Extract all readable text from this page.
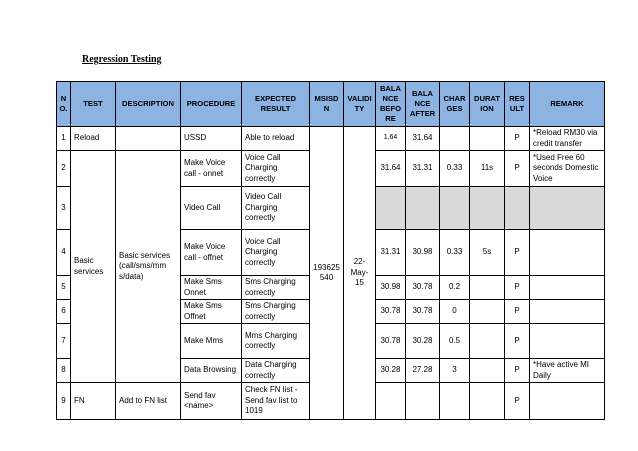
Regression Testing
N O.	TEST	DESCRIPTION	PROCEDURE	EXPECTED RESULT	MSISD N	VALIDI TY	BALA NCE BEFO RE	BALA NCE AFTER	CHAR GES	DURAT ION	RES ULT	REMARK
1	Reload		USSD	Able to reload	193625 540	22- May- 15	1.64	31.64			P	*Reload RM30 via credit transfer
2	Basic services	Basic services (call/sms/mm s/data)	Make Voice call - onnet	Voice Call Charging correctly			31.64	31.31	0.33	11s	P	*Used Free 60 seconds Domestic Voice
3			Video Call	Video Call Charging correctly								
4			Make Voice call - offnet	Voice Call Charging correctly			31.31	30.98	0.33	5s	P	
5			Make Sms Onnet	Sms Charging correctly			30.98	30.78	0.2		P	
6			Make Sms Offnet	Sms Charging correctly			30.78	30.78	0		P	
7			Make Mms	Mms Charging correctly			30.78	30.28	0.5		P	
8			Data Browsing	Data Charging correctly			30.28	27.28	3		P	*Have active MI Daily
9	FN	Add to FN list	Send fav <name>	Check FN list - Send fav list to 1019							P	
